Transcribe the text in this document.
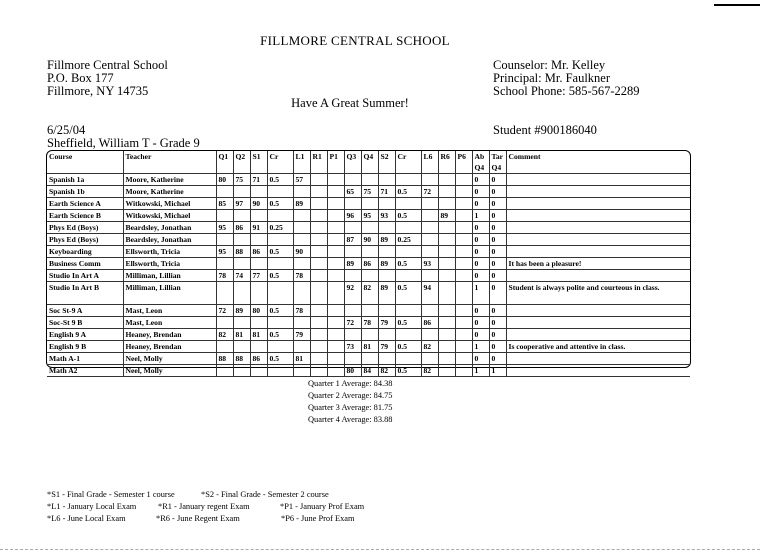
FILLMORE CENTRAL SCHOOL
Fillmore Central School
P.O. Box 177
Fillmore, NY 14735
Counselor: Mr. Kelley
Principal: Mr. Faulkner
School Phone: 585-567-2289
Have A Great Summer!
6/25/04
Sheffield, William T - Grade 9
Student #900186040
Course	Teacher	Q1	Q2	S1	Cr	L1	R1	P1	Q3	Q4	S2	Cr	L6	R6	P6	Ab Q4	Tar Q4	Comment
Spanish 1a	Moore, Katherine	80	75	71	0.5	57										0	0	
Spanish 1b	Moore, Katherine								65	75	71	0.5	72			0	0	
Earth Science A	Witkowski, Michael	85	97	90	0.5	89										0	0	
Earth Science B	Witkowski, Michael								96	95	93	0.5		89		1	0	
Phys Ed (Boys)	Beardsley, Jonathan	95	86	91	0.25											0	0	
Phys Ed (Boys)	Beardsley, Jonathan								87	90	89	0.25				0	0	
Keyboarding	Ellsworth, Tricia	95	88	86	0.5	90										0	0	
Business Comm	Ellsworth, Tricia								89	86	89	0.5	93			0	0	It has been a pleasure!
Studio In Art A	Milliman, Lillian	78	74	77	0.5	78										0	0	
Studio In Art B	Milliman, Lillian								92	82	89	0.5	94			1	0	Student is always polite and courteous in class.
Soc St-9 A	Mast, Leon	72	89	80	0.5	78										0	0	
Soc-St 9 B	Mast, Leon								72	78	79	0.5	86			0	0	
English 9 A	Heaney, Brendan	82	81	81	0.5	79										0	0	
English 9 B	Heaney, Brendan								73	81	79	0.5	82			1	0	Is cooperative and attentive in class.
Math A-1	Neel, Molly	88	88	86	0.5	81										0	0	
Math A2	Neel, Molly								80	84	82	0.5	82			1	1	
Quarter 1 Average: 84.38
Quarter 2 Average: 84.75
Quarter 3 Average: 81.75
Quarter 4 Average: 83.88
*S1 - Final Grade - Semester 1 course	*S2 - Final Grade - Semester 2 course
*L1 - January Local Exam	*R1 - January regent Exam	*P1 - January Prof Exam
*L6 - June Local Exam	*R6 - June Regent Exam	*P6 - June Prof Exam
